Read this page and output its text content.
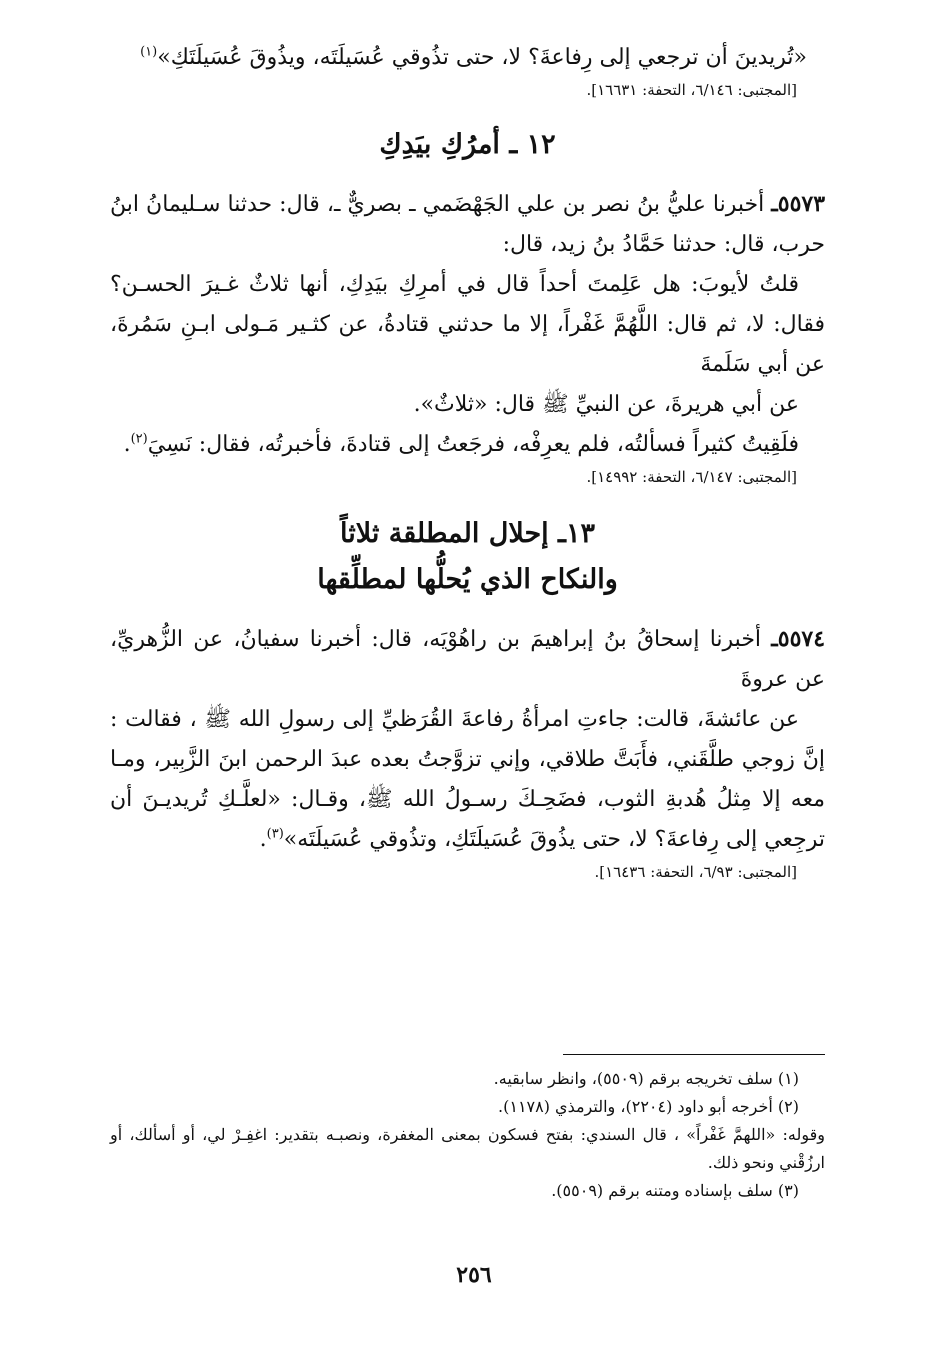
«تُريدينَ أن ترجعي إلى رِفاعةَ؟ لا، حتى تذُوقي عُسَيلَتَه، ويذُوقَ عُسَيلَتَكِ»$^{(١)}$

[المجتبى: ٦/١٤٦، التحفة: ١٦٦٣١].

١٢ ـ أمرُكِ بيَدِكِ

٥٥٧٣ـ أخبرنا عليُّ بنُ نصر بن علي الجَهْضَمي ـ بصريٌّ ـ، قال: حدثنا سـليمانُ ابنُ حرب، قال: حدثنا حَمَّادُ بنُ زيد، قال:

قلتُ لأيوبَ: هل عَلِمتَ أحداً قال في أمرِكِ بيَدِكِ، أنها ثلاثٌ غـيرَ الحسـن؟ فقال: لا، ثم قال: اللَّهُمَّ غَفْراً، إلا ما حدثني قتادةُ، عن كثـير مَـولى ابـنِ سَمُرةَ، عن أبي سَلَمةَ

عن أبي هريرةَ، عن النبيِّ ﷺ قال: «ثلاثٌ».

فلَقِيتُ كثيراً فسألتُه، فلم يعرِفْه، فرجَعتُ إلى قتادةَ، فأخبرتُه، فقال: نَسِيَ$^{(٢)}$.

[المجتبى: ٦/١٤٧، التحفة: ١٤٩٩٢].

١٣ـ إحلال المطلقة ثلاثاً
والنكاح الذي يُحلُّها لمطلِّقها

٥٥٧٤ـ أخبرنا إسحاقُ بنُ إبراهيمَ بن راهُوْيَه، قال: أخبرنا سفيانُ، عن الزُّهريِّ، عن عروةَ

عن عائشةَ، قالت: جاءتِ امرأةُ رفاعةَ القُرَظيِّ إلى رسولِ الله ﷺ ، فقالت : إنَّ زوجي طلَّقَني، فأَبَتَّ طلاقي، وإني تزوَّجتُ بعده عبدَ الرحمن ابنَ الزَّبِير، ومـا معه إلا مِثلُ هُدبةِ الثوب، فضَحِـكَ رسـولُ الله ﷺ، وقـال: «لعلَّـكِ تُريديـنَ أن ترجِعي إلى رِفاعةَ؟ لا، حتى يذُوقَ عُسَيلَتَكِ، وتذُوقي عُسَيلَتَه»$^{(٣)}$.

[المجتبى: ٦/٩٣، التحفة: ١٦٤٣٦].

(١) سلف تخريجه برقم (٥٥٠٩)، وانظر سابقيه.

(٢) أخرجه أبو داود (٢٢٠٤)، والترمذي (١١٧٨).

وقوله: «اللهمَّ غَفْراً» ، قال السندي: بفتح فسكون بمعنى المغفرة، ونصبـه بتقدير: اغفِـرْ لي، أو أسألك، أو ارزُقْني ونحو ذلك.

(٣) سلف بإسناده ومتنه برقم (٥٥٠٩).

٢٥٦
